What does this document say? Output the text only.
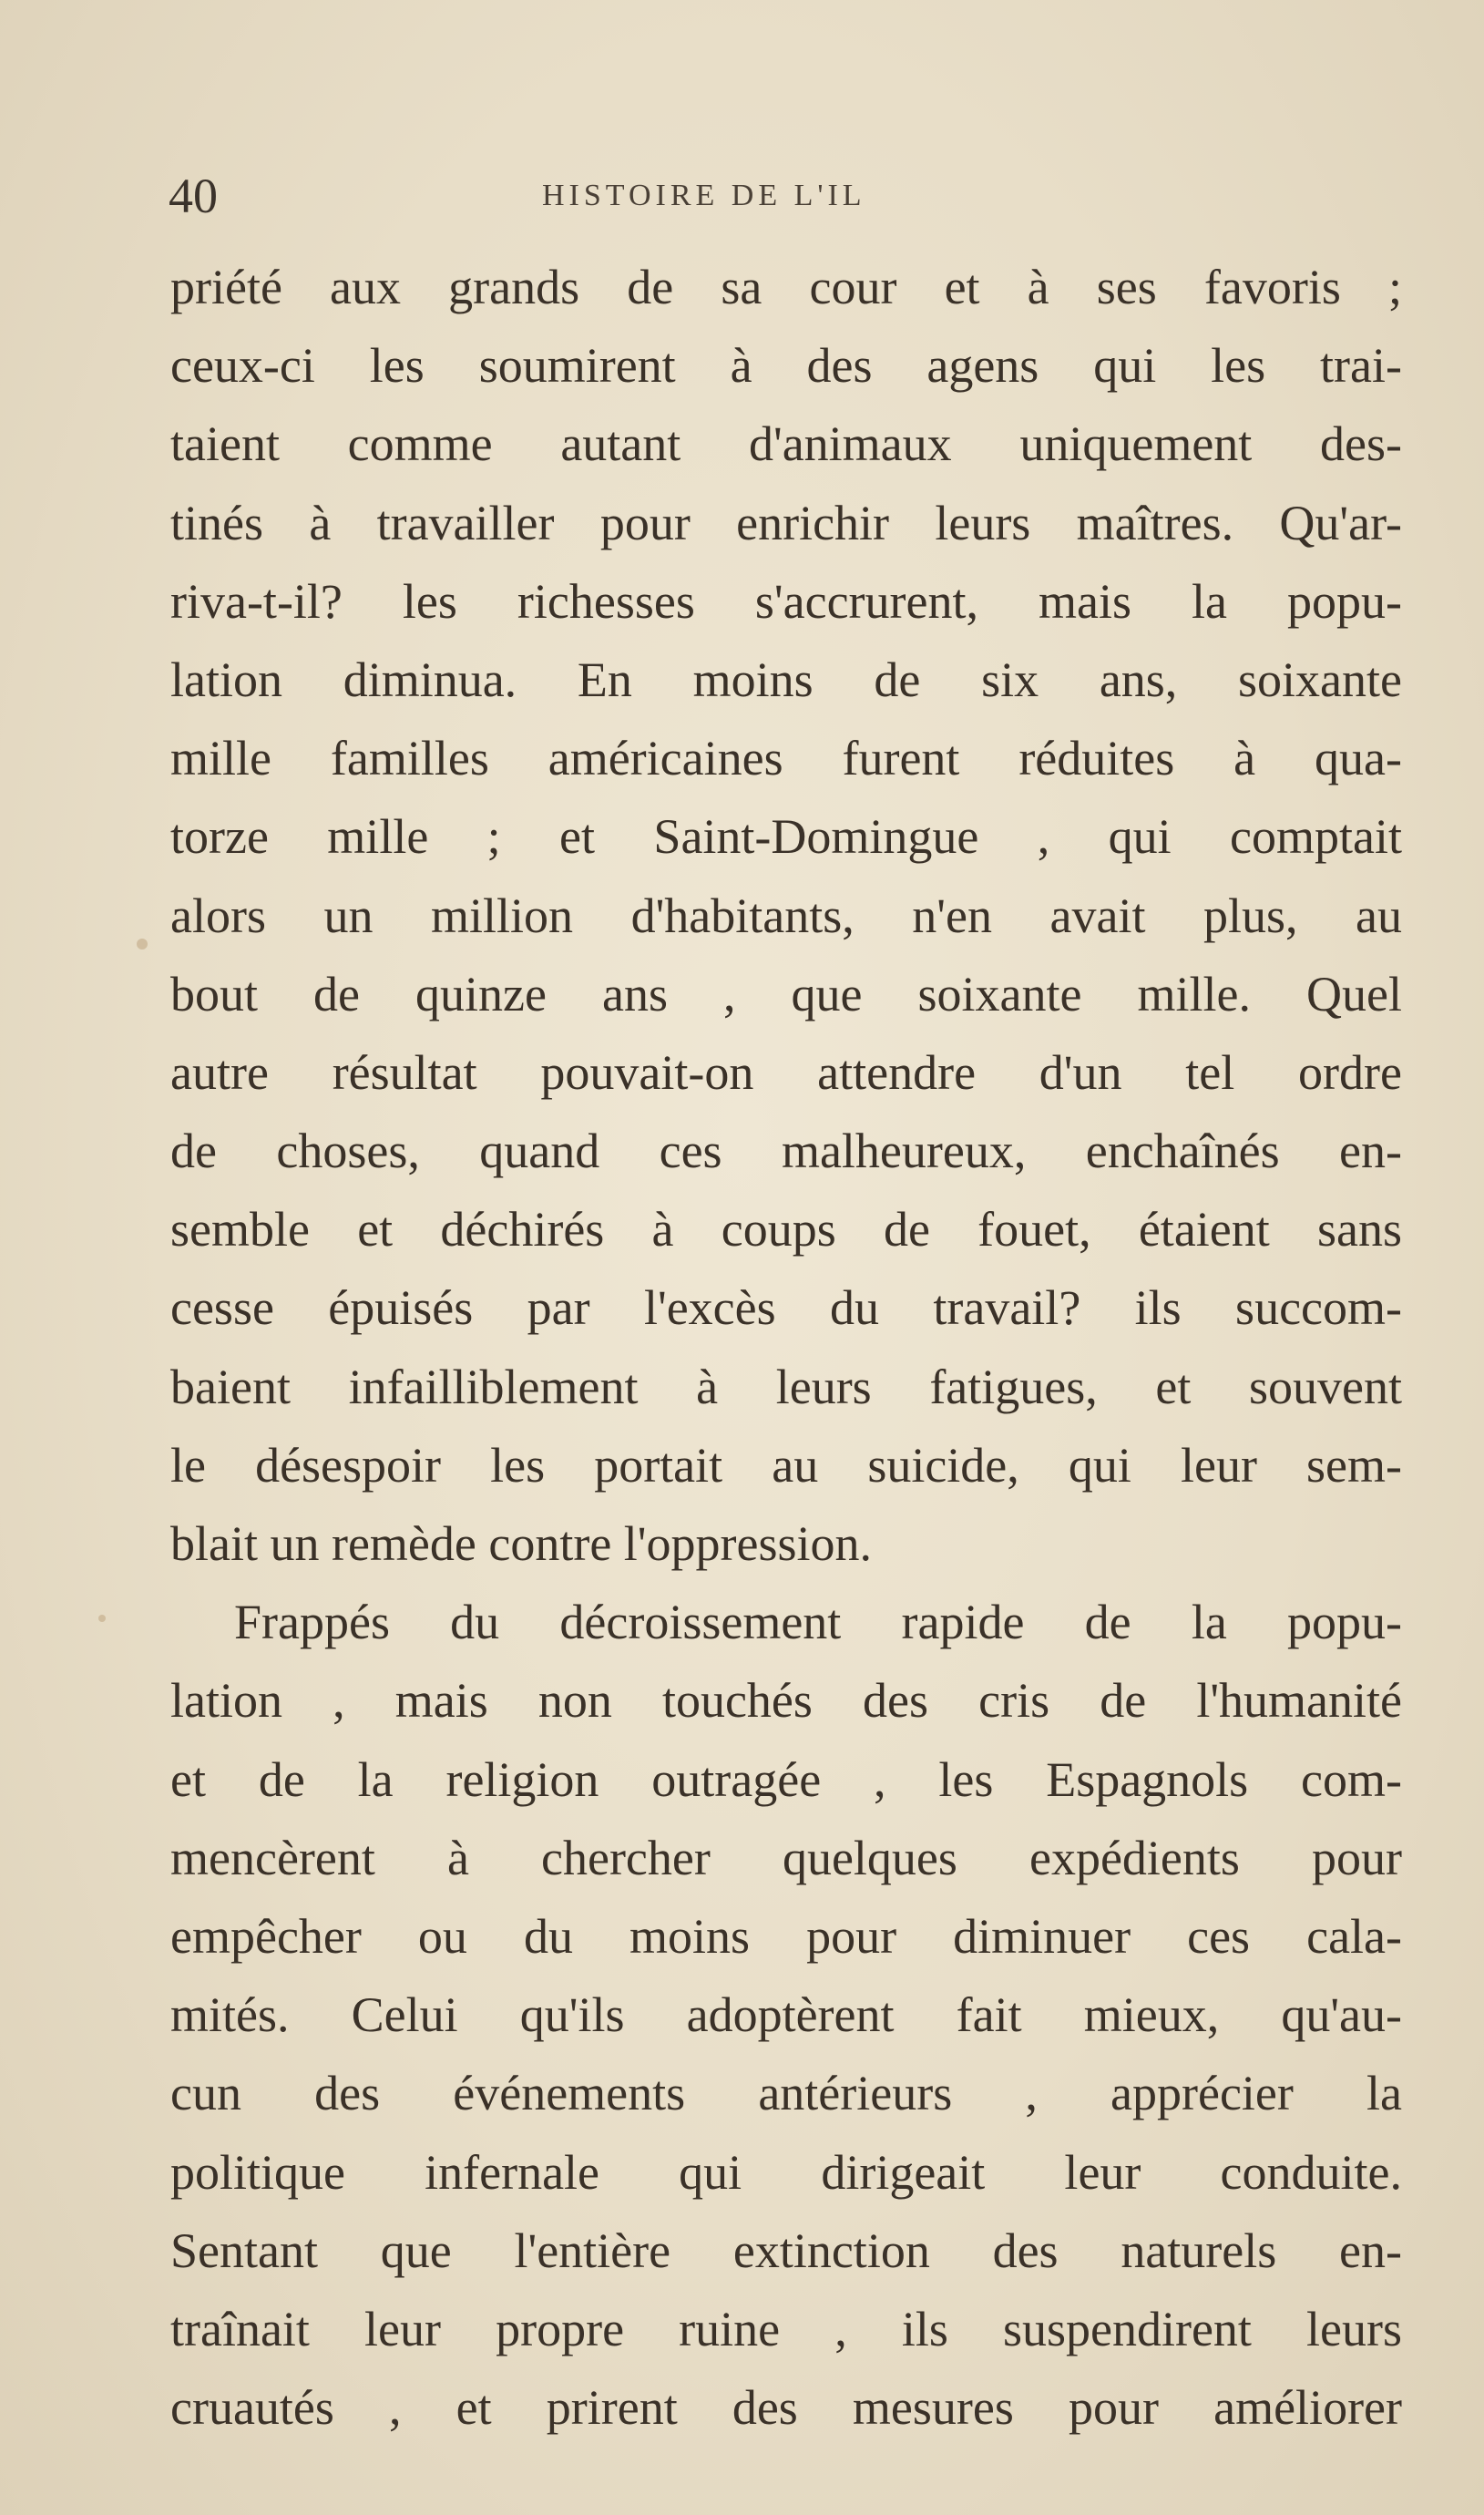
40	HISTOIRE DE L'IL
priété aux grands de sa cour et à ses favoris ;
ceux-ci les soumirent à des agens qui les trai-
taient comme autant d'animaux uniquement des-
tinés à travailler pour enrichir leurs maîtres. Qu'ar-
riva-t-il? les richesses s'accrurent, mais la popu-
lation diminua. En moins de six ans, soixante
mille familles américaines furent réduites à qua-
torze mille ; et Saint-Domingue , qui comptait
alors un million d'habitants, n'en avait plus, au
bout de quinze ans , que soixante mille. Quel
autre résultat pouvait-on attendre d'un tel ordre
de choses, quand ces malheureux, enchaînés en-
semble et déchirés à coups de fouet, étaient sans
cesse épuisés par l'excès du travail? ils succom-
baient infailliblement à leurs fatigues, et souvent
le désespoir les portait au suicide, qui leur sem-
blait un remède contre l'oppression.
Frappés du décroissement rapide de la popu-
lation , mais non touchés des cris de l'humanité
et de la religion outragée , les Espagnols com-
mencèrent à chercher quelques expédients pour
empêcher ou du moins pour diminuer ces cala-
mités. Celui qu'ils adoptèrent fait mieux, qu'au-
cun des événements antérieurs , apprécier la
politique infernale qui dirigeait leur conduite.
Sentant que l'entière extinction des naturels en-
traînait leur propre ruine , ils suspendirent leurs
cruautés , et prirent des mesures pour améliorer
